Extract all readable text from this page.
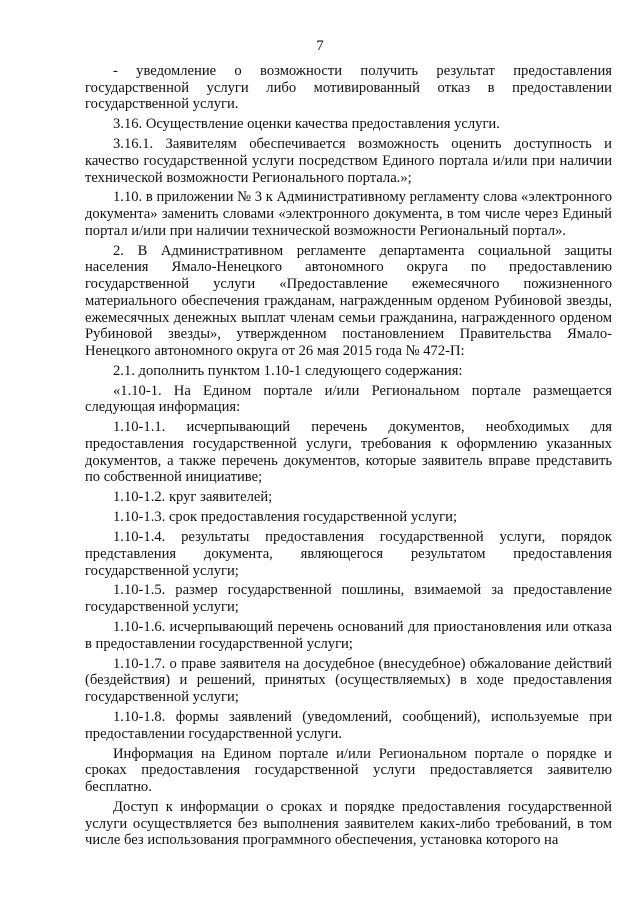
7

- уведомление о возможности получить результат предоставления государственной услуги либо мотивированный отказ в предоставлении государственной услуги.

3.16. Осуществление оценки качества предоставления услуги.

3.16.1. Заявителям обеспечивается возможность оценить доступность и качество государственной услуги посредством Единого портала и/или при наличии технической возможности Регионального портала.»;

1.10. в приложении № 3 к Административному регламенту слова «электронного документа» заменить словами «электронного документа, в том числе через Единый портал и/или при наличии технической возможности Региональный портал».

2. В Административном регламенте департамента социальной защиты населения Ямало-Ненецкого автономного округа по предоставлению государственной услуги «Предоставление ежемесячного пожизненного материального обеспечения гражданам, награжденным орденом Рубиновой звезды, ежемесячных денежных выплат членам семьи гражданина, награжденного орденом Рубиновой звезды», утвержденном постановлением Правительства Ямало-Ненецкого автономного округа от 26 мая 2015 года № 472-П:

2.1. дополнить пунктом 1.10-1 следующего содержания:

«1.10-1. На Едином портале и/или Региональном портале размещается следующая информация:

1.10-1.1. исчерпывающий перечень документов, необходимых для предоставления государственной услуги, требования к оформлению указанных документов, а также перечень документов, которые заявитель вправе представить по собственной инициативе;

1.10-1.2. круг заявителей;

1.10-1.3. срок предоставления государственной услуги;

1.10-1.4. результаты предоставления государственной услуги, порядок представления документа, являющегося результатом предоставления государственной услуги;

1.10-1.5. размер государственной пошлины, взимаемой за предоставление государственной услуги;

1.10-1.6. исчерпывающий перечень оснований для приостановления или отказа в предоставлении государственной услуги;

1.10-1.7. о праве заявителя на досудебное (внесудебное) обжалование действий (бездействия) и решений, принятых (осуществляемых) в ходе предоставления государственной услуги;

1.10-1.8. формы заявлений (уведомлений, сообщений), используемые при предоставлении государственной услуги.

Информация на Едином портале и/или Региональном портале о порядке и сроках предоставления государственной услуги предоставляется заявителю бесплатно.

Доступ к информации о сроках и порядке предоставления государственной услуги осуществляется без выполнения заявителем каких-либо требований, в том числе без использования программного обеспечения, установка которого на
